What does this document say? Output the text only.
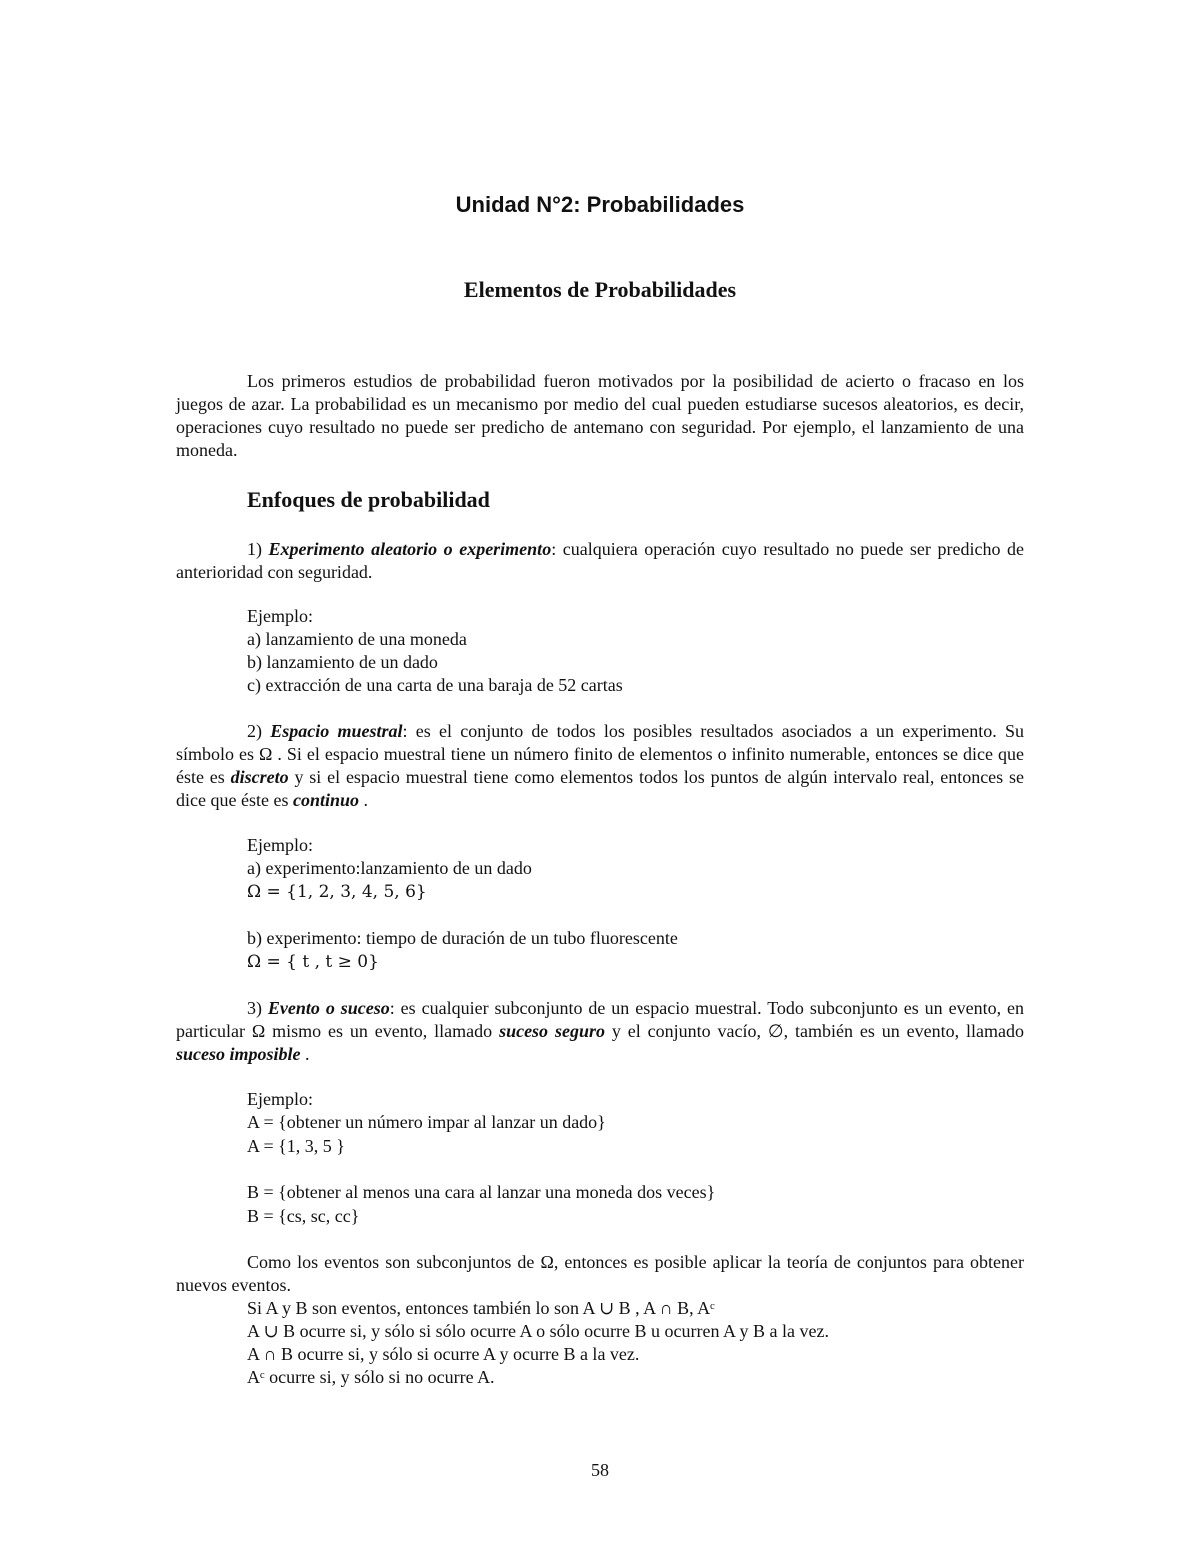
Unidad N°2: Probabilidades
Elementos de Probabilidades
Los primeros estudios de probabilidad fueron motivados por la posibilidad de acierto o fracaso en los juegos de azar. La probabilidad es un mecanismo por medio del cual pueden estudiarse sucesos aleatorios, es decir, operaciones cuyo resultado no puede ser predicho de antemano con seguridad. Por ejemplo, el lanzamiento de una moneda.
Enfoques de probabilidad
1) Experimento aleatorio o experimento: cualquiera operación cuyo resultado no puede ser predicho de anterioridad con seguridad.
Ejemplo:
a) lanzamiento de una moneda
b) lanzamiento de un dado
c) extracción de una carta de una baraja de 52 cartas
2) Espacio muestral: es el conjunto de todos los posibles resultados asociados a un experimento. Su símbolo es Ω . Si el espacio muestral tiene un número finito de elementos o infinito numerable, entonces se dice que éste es discreto y si el espacio muestral tiene como elementos todos los puntos de algún intervalo real, entonces se dice que éste es continuo .
Ejemplo:
a) experimento:lanzamiento de un dado
Ω = {1, 2, 3, 4, 5, 6}
b) experimento: tiempo de duración de un tubo fluorescente
Ω = { t , t ≥ 0}
3) Evento o suceso: es cualquier subconjunto de un espacio muestral. Todo subconjunto es un evento, en particular Ω mismo es un evento, llamado suceso seguro y el conjunto vacío, ∅, también es un evento, llamado suceso imposible .
Ejemplo:
A = {obtener un número impar al lanzar un dado}
A = {1, 3, 5 }
B = {obtener al menos una cara al lanzar una moneda dos veces}
B = {cs, sc, cc}
Como los eventos son subconjuntos de Ω, entonces es posible aplicar la teoría de conjuntos para obtener nuevos eventos.
Si A y B son eventos, entonces también lo son A ∪ B , A ∩ B, Aᶜ
A ∪ B ocurre si, y sólo si sólo ocurre A o sólo ocurre B u ocurren A y B a la vez.
A ∩ B ocurre si, y sólo si ocurre A y ocurre B a la vez.
Aᶜ ocurre si, y sólo si no ocurre A.
58
